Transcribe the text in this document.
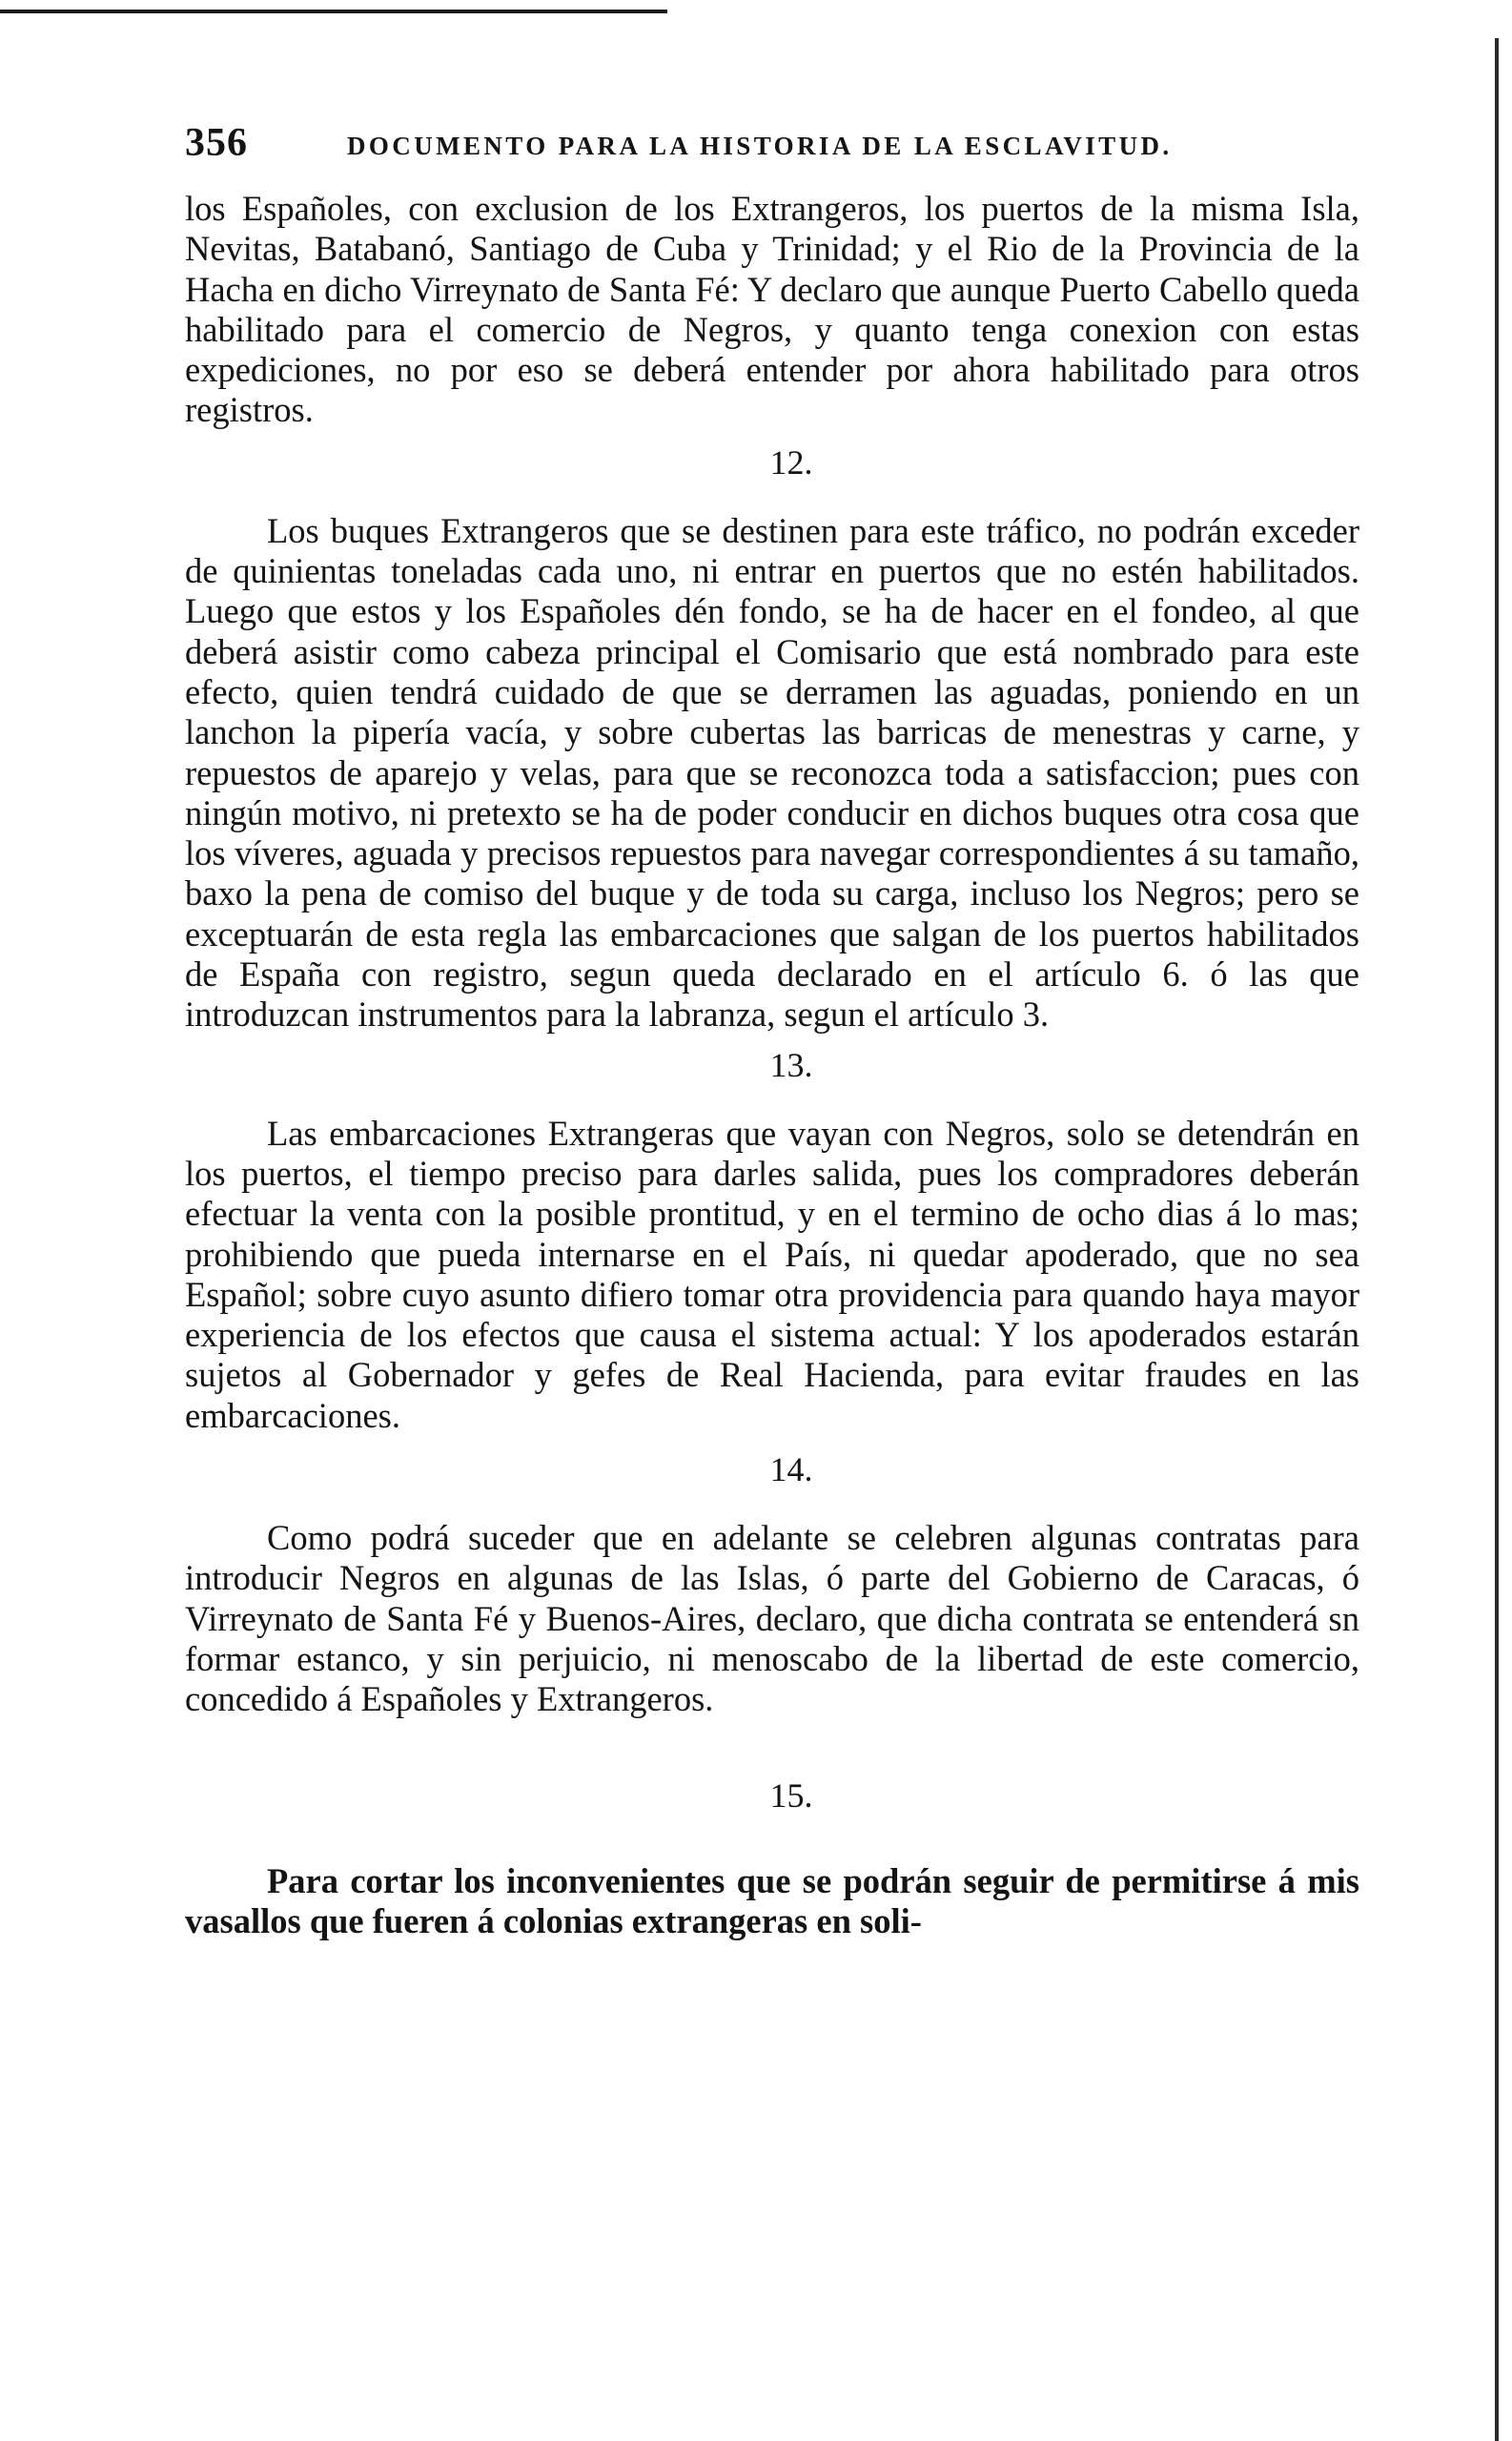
356	DOCUMENTO PARA LA HISTORIA DE LA ESCLAVITUD.

los Españoles, con exclusion de los Extrangeros, los puertos de la misma Isla, Nevitas, Batabanó, Santiago de Cuba y Trinidad; y el Rio de la Provincia de la Hacha en dicho Virreynato de Santa Fé: Y declaro que aunque Puerto Cabello queda habilitado para el comercio de Negros, y quanto tenga conexion con estas expediciones, no por eso se deberá entender por ahora habilitado para otros registros.

12.

Los buques Extrangeros que se destinen para este tráfico, no podrán exceder de quinientas toneladas cada uno, ni entrar en puertos que no estén habilitados. Luego que estos y los Españoles dén fondo, se ha de hacer en el fondeo, al que deberá asistir como cabeza principal el Comisario que está nombrado para este efecto, quien tendrá cuidado de que se derramen las aguadas, poniendo en un lanchon la pipería vacía, y sobre cubertas las barricas de menestras y carne, y repuestos de aparejo y velas, para que se reconozca toda a satisfaccion; pues con ningún motivo, ni pretexto se ha de poder conducir en dichos buques otra cosa que los víveres, aguada y precisos repuestos para navegar correspondientes á su tamaño, baxo la pena de comiso del buque y de toda su carga, incluso los Negros; pero se exceptuarán de esta regla las embarcaciones que salgan de los puertos habilitados de España con registro, segun queda declarado en el artículo 6. ó las que introduzcan instrumentos para la labranza, segun el artículo 3.

13.

Las embarcaciones Extrangeras que vayan con Negros, solo se detendrán en los puertos, el tiempo preciso para darles salida, pues los compradores deberán efectuar la venta con la posible prontitud, y en el termino de ocho dias á lo mas; prohibiendo que pueda internarse en el País, ni quedar apoderado, que no sea Español; sobre cuyo asunto difiero tomar otra providencia para quando haya mayor experiencia de los efectos que causa el sistema actual: Y los apoderados estarán sujetos al Gobernador y gefes de Real Hacienda, para evitar fraudes en las embarcaciones.

14.

Como podrá suceder que en adelante se celebren algunas contratas para introducir Negros en algunas de las Islas, ó parte del Gobierno de Caracas, ó Virreynato de Santa Fé y Buenos-Aires, declaro, que dicha contrata se entenderá sn formar estanco, y sin perjuicio, ni menoscabo de la libertad de este comercio, concedido á Españoles y Extrangeros.

15.

Para cortar los inconvenientes que se podrán seguir de permitirse á mis vasallos que fueren á colonias extrangeras en soli-
